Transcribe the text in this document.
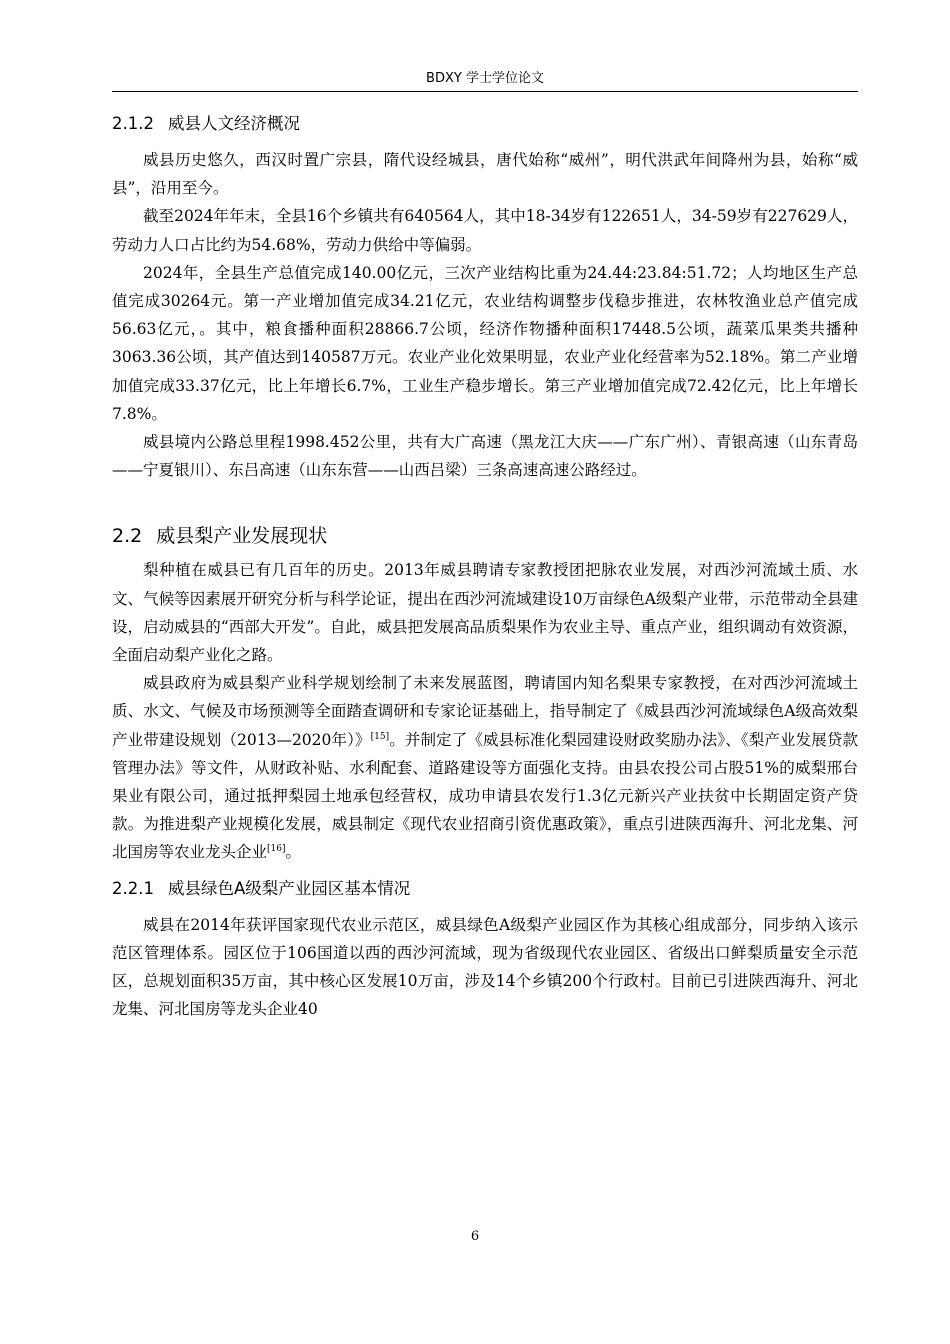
BDXY 学士学位论文
2.1.2 威县人文经济概况

威县历史悠久，西汉时置广宗县，隋代设经城县，唐代始称“威州”，明代洪武年间降州为县，始称“威县”，沿用至今。

截至2024年年末，全县16个乡镇共有640564人，其中18-34岁有122651人，34-59岁有227629人，劳动力人口占比约为54.68%，劳动力供给中等偏弱。

2024年，全县生产总值完成140.00亿元，三次产业结构比重为24.44:23.84:51.72；人均地区生产总值完成30264元。第一产业增加值完成34.21亿元，农业结构调整步伐稳步推进，农林牧渔业总产值完成56.63亿元，。其中，粮食播种面积28866.7公顷，经济作物播种面积17448.5公顷，蔬菜瓜果类共播种3063.36公顷，其产值达到140587万元。农业产业化效果明显，农业产业化经营率为52.18%。第二产业增加值完成33.37亿元，比上年增长6.7%，工业生产稳步增长。第三产业增加值完成72.42亿元，比上年增长7.8%。

威县境内公路总里程1998.452公里，共有大广高速（黑龙江大庆——广东广州）、青银高速（山东青岛——宁夏银川）、东吕高速（山东东营——山西吕梁）三条高速高速公路经过。

2.2 威县梨产业发展现状

梨种植在威县已有几百年的历史。2013年威县聘请专家教授团把脉农业发展，对西沙河流域土质、水文、气候等因素展开研究分析与科学论证，提出在西沙河流域建设10万亩绿色A级梨产业带，示范带动全县建设，启动威县的“西部大开发”。自此，威县把发展高品质梨果作为农业主导、重点产业，组织调动有效资源，全面启动梨产业化之路。

威县政府为威县梨产业科学规划绘制了未来发展蓝图，聘请国内知名梨果专家教授，在对西沙河流域土质、水文、气候及市场预测等全面踏查调研和专家论证基础上，指导制定了《威县西沙河流域绿色A级高效梨产业带建设规划（2013—2020年）》[15]。并制定了《威县标准化梨园建设财政奖励办法》、《梨产业发展贷款管理办法》等文件，从财政补贴、水利配套、道路建设等方面强化支持。由县农投公司占股51%的威梨邢台果业有限公司，通过抵押梨园土地承包经营权，成功申请县农发行1.3亿元新兴产业扶贫中长期固定资产贷款。为推进梨产业规模化发展，威县制定《现代农业招商引资优惠政策》，重点引进陕西海升、河北龙集、河北国房等农业龙头企业[16]。

2.2.1 威县绿色A级梨产业园区基本情况

威县在2014年获评国家现代农业示范区，威县绿色A级梨产业园区作为其核心组成部分，同步纳入该示范区管理体系。园区位于106国道以西的西沙河流域，现为省级现代农业园区、省级出口鲜梨质量安全示范区，总规划面积35万亩，其中核心区发展10万亩，涉及14个乡镇200个行政村。目前已引进陕西海升、河北龙集、河北国房等龙头企业40

6
